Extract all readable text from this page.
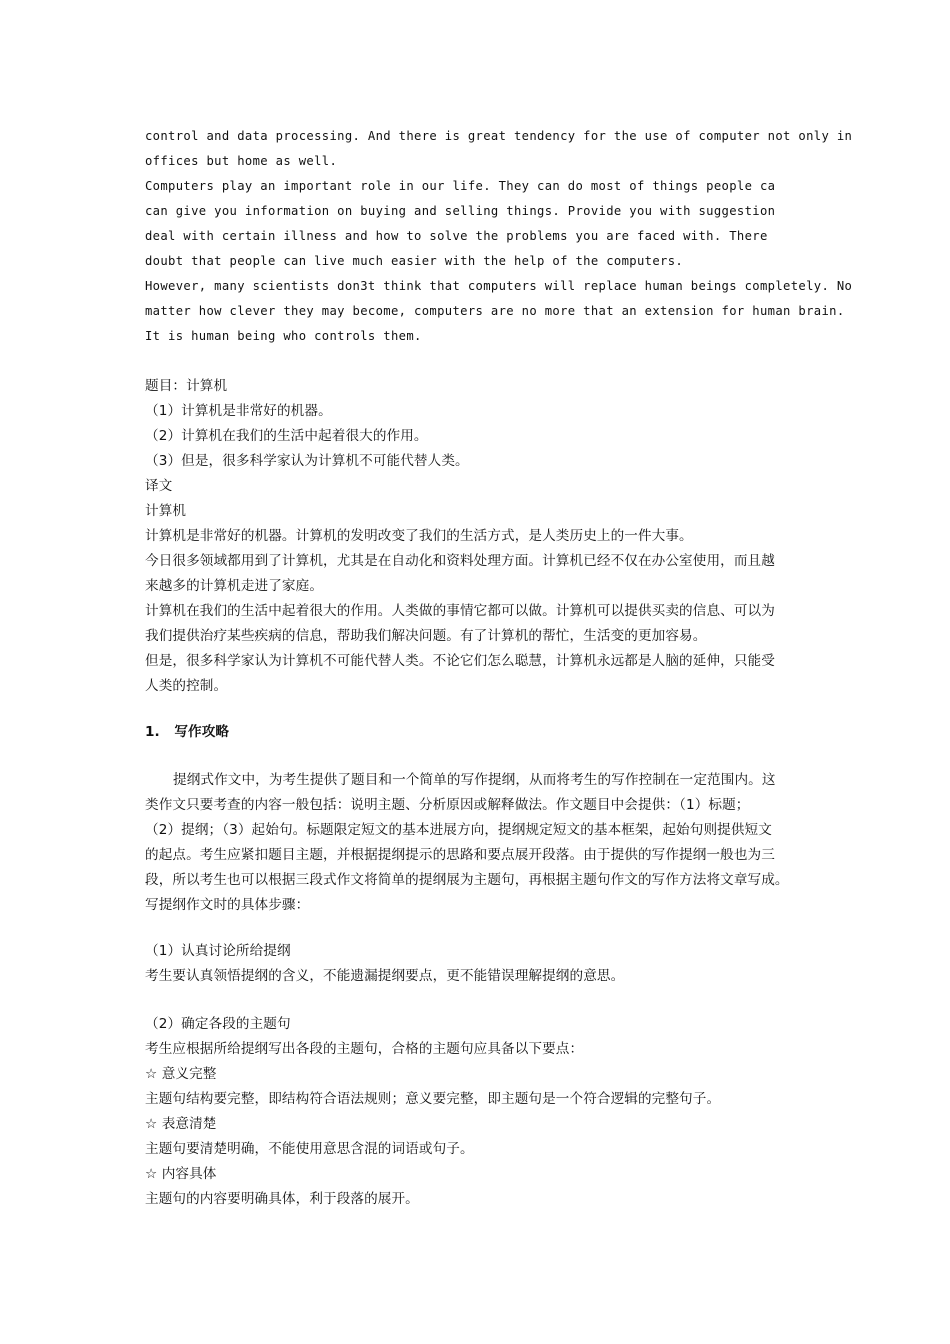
control and data processing. And there is great tendency for the use of computer not only in
offices but home as well.
Computers play an important role in our life. They can do most of things people ca
can give you information on buying and selling things. Provide you with suggestion
deal with certain illness and how to solve the problems you are faced with. There
doubt that people can live much easier with the help of the computers.
However, many scientists don3t think that computers will replace human beings completely. No
matter how clever they may become, computers are no more that an extension for human brain.
It is human being who controls them.
题目：计算机
（1）计算机是非常好的机器。
（2）计算机在我们的生活中起着很大的作用。
（3）但是，很多科学家认为计算机不可能代替人类。
译文
计算机
计算机是非常好的机器。计算机的发明改变了我们的生活方式，是人类历史上的一件大事。
今日很多领域都用到了计算机，尤其是在自动化和资料处理方面。计算机已经不仅在办公室使用，而且越
来越多的计算机走进了家庭。
计算机在我们的生活中起着很大的作用。人类做的事情它都可以做。计算机可以提供买卖的信息、可以为
我们提供治疗某些疾病的信息，帮助我们解决问题。有了计算机的帮忙，生活变的更加容易。
但是，很多科学家认为计算机不可能代替人类。不论它们怎么聪慧，计算机永远都是人脑的延伸，只能受
人类的控制。
1.   写作攻略
提纲式作文中，为考生提供了题目和一个简单的写作提纲，从而将考生的写作控制在一定范围内。这
类作文只要考查的内容一般包括：说明主题、分析原因或解释做法。作文题目中会提供：（1）标题；
（2）提纲；（3）起始句。标题限定短文的基本进展方向，提纲规定短文的基本框架，起始句则提供短文
的起点。考生应紧扣题目主题，并根据提纲提示的思路和要点展开段落。由于提供的写作提纲一般也为三
段，所以考生也可以根据三段式作文将简单的提纲展为主题句，再根据主题句作文的写作方法将文章写成。
写提纲作文时的具体步骤：
（1）认真讨论所给提纲
考生要认真领悟提纲的含义，不能遗漏提纲要点，更不能错误理解提纲的意思。
（2）确定各段的主题句
考生应根据所给提纲写出各段的主题句，合格的主题句应具备以下要点：
☆ 意义完整
主题句结构要完整，即结构符合语法规则；意义要完整，即主题句是一个符合逻辑的完整句子。
☆ 表意清楚
主题句要清楚明确，不能使用意思含混的词语或句子。
☆ 内容具体
主题句的内容要明确具体，利于段落的展开。
